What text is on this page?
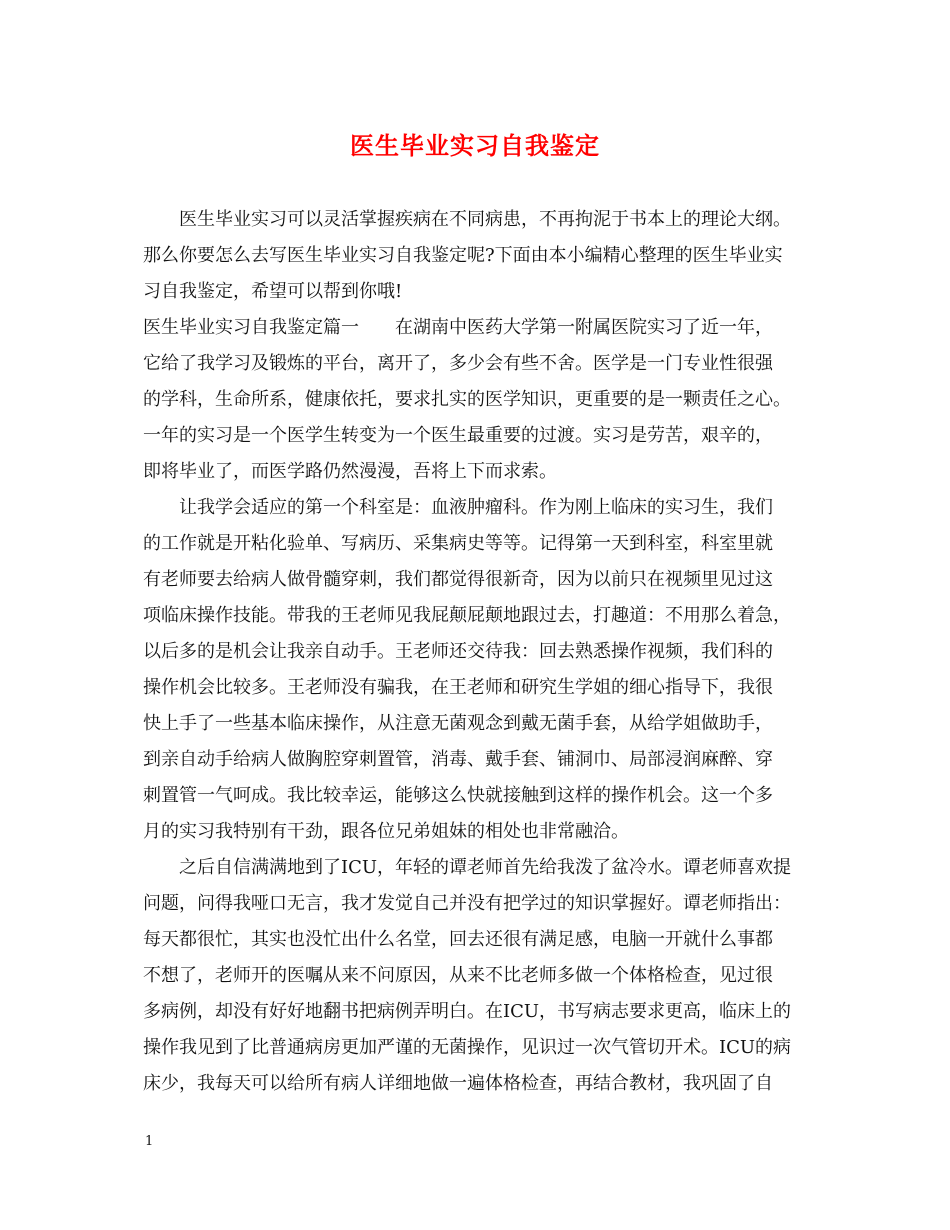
医生毕业实习自我鉴定
医生毕业实习可以灵活掌握疾病在不同病患，不再拘泥于书本上的理论大纲。
那么你要怎么去写医生毕业实习自我鉴定呢?下面由本小编精心整理的医生毕业实
习自我鉴定，希望可以帮到你哦!
医生毕业实习自我鉴定篇一　　在湖南中医药大学第一附属医院实习了近一年，
它给了我学习及锻炼的平台，离开了，多少会有些不舍。医学是一门专业性很强
的学科，生命所系，健康依托，要求扎实的医学知识，更重要的是一颗责任之心。
一年的实习是一个医学生转变为一个医生最重要的过渡。实习是劳苦，艰辛的，
即将毕业了，而医学路仍然漫漫，吾将上下而求索。
让我学会适应的第一个科室是：血液肿瘤科。作为刚上临床的实习生，我们
的工作就是开粘化验单、写病历、采集病史等等。记得第一天到科室，科室里就
有老师要去给病人做骨髓穿刺，我们都觉得很新奇，因为以前只在视频里见过这
项临床操作技能。带我的王老师见我屁颠屁颠地跟过去，打趣道：不用那么着急，
以后多的是机会让我亲自动手。王老师还交待我：回去熟悉操作视频，我们科的
操作机会比较多。王老师没有骗我，在王老师和研究生学姐的细心指导下，我很
快上手了一些基本临床操作，从注意无菌观念到戴无菌手套，从给学姐做助手，
到亲自动手给病人做胸腔穿刺置管，消毒、戴手套、铺洞巾、局部浸润麻醉、穿
刺置管一气呵成。我比较幸运，能够这么快就接触到这样的操作机会。这一个多
月的实习我特别有干劲，跟各位兄弟姐妹的相处也非常融洽。
之后自信满满地到了ICU，年轻的谭老师首先给我泼了盆冷水。谭老师喜欢提
问题，问得我哑口无言，我才发觉自己并没有把学过的知识掌握好。谭老师指出：
每天都很忙，其实也没忙出什么名堂，回去还很有满足感，电脑一开就什么事都
不想了，老师开的医嘱从来不问原因，从来不比老师多做一个体格检查，见过很
多病例，却没有好好地翻书把病例弄明白。在ICU，书写病志要求更高，临床上的
操作我见到了比普通病房更加严谨的无菌操作，见识过一次气管切开术。ICU的病
床少，我每天可以给所有病人详细地做一遍体格检查，再结合教材，我巩固了自
1
